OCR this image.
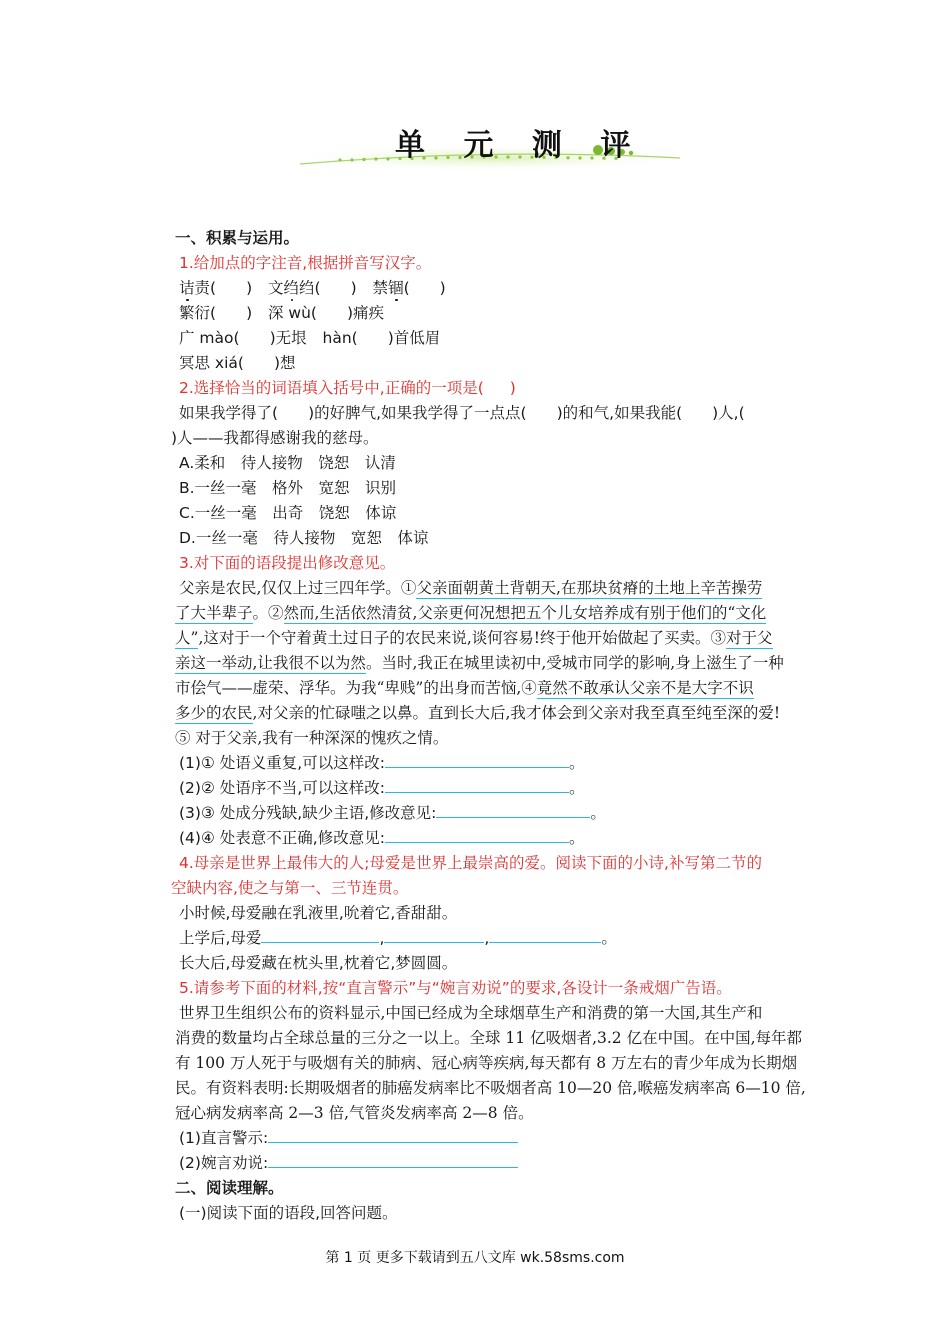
单 元 测 评
一、积累与运用。
1.给加点的字注音,根据拼音写汉字。
诘责( ) 文绉绉( ) 禁锢( )
繁衍( ) 深 wù( )痛疾
广 mào( )无垠 hàn( )首低眉
冥思 xiá( )想
2.选择恰当的词语填入括号中,正确的一项是( )
如果我学得了( )的好脾气,如果我学得了一点点( )的和气,如果我能( )人,(
)人——我都得感谢我的慈母。
A.柔和　待人接物　饶恕　认清
B.一丝一毫　格外　宽恕　识别
C.一丝一毫　出奇　饶恕　体谅
D.一丝一毫　待人接物　宽恕　体谅
3.对下面的语段提出修改意见。
父亲是农民,仅仅上过三四年学。①父亲面朝黄土背朝天,在那块贫瘠的土地上辛苦操劳
了大半辈子。②然而,生活依然清贫,父亲更何况想把五个儿女培养成有别于他们的“文化
人”,这对于一个守着黄土过日子的农民来说,谈何容易!终于他开始做起了买卖。③对于父
亲这一举动,让我很不以为然。当时,我正在城里读初中,受城市同学的影响,身上滋生了一种
市侩气——虚荣、浮华。为我“卑贱”的出身而苦恼,④竟然不敢承认父亲不是大字不识
多少的农民,对父亲的忙碌嗤之以鼻。直到长大后,我才体会到父亲对我至真至纯至深的爱!
⑤ 对于父亲,我有一种深深的愧疚之情。
(1)① 处语义重复,可以这样改:	。
(2)② 处语序不当,可以这样改:	。
(3)③ 处成分残缺,缺少主语,修改意见:	。
(4)④ 处表意不正确,修改意见:	。
4.母亲是世界上最伟大的人;母爱是世界上最崇高的爱。阅读下面的小诗,补写第二节的
空缺内容,使之与第一、三节连贯。
小时候,母爱融在乳液里,吮着它,香甜甜。
上学后,母爱	,	,	。
长大后,母爱藏在枕头里,枕着它,梦圆圆。
5.请参考下面的材料,按“直言警示”与“婉言劝说”的要求,各设计一条戒烟广告语。
世界卫生组织公布的资料显示,中国已经成为全球烟草生产和消费的第一大国,其生产和
消费的数量均占全球总量的三分之一以上。全球 11 亿吸烟者,3.2 亿在中国。在中国,每年都
有 100 万人死于与吸烟有关的肺病、冠心病等疾病,每天都有 8 万左右的青少年成为长期烟
民。有资料表明:长期吸烟者的肺癌发病率比不吸烟者高 10—20 倍,喉癌发病率高 6—10 倍,
冠心病发病率高 2—3 倍,气管炎发病率高 2—8 倍。
(1)直言警示:
(2)婉言劝说:
二、阅读理解。
(一)阅读下面的语段,回答问题。
第 1 页 更多下载请到五八文库 wk.58sms.com
